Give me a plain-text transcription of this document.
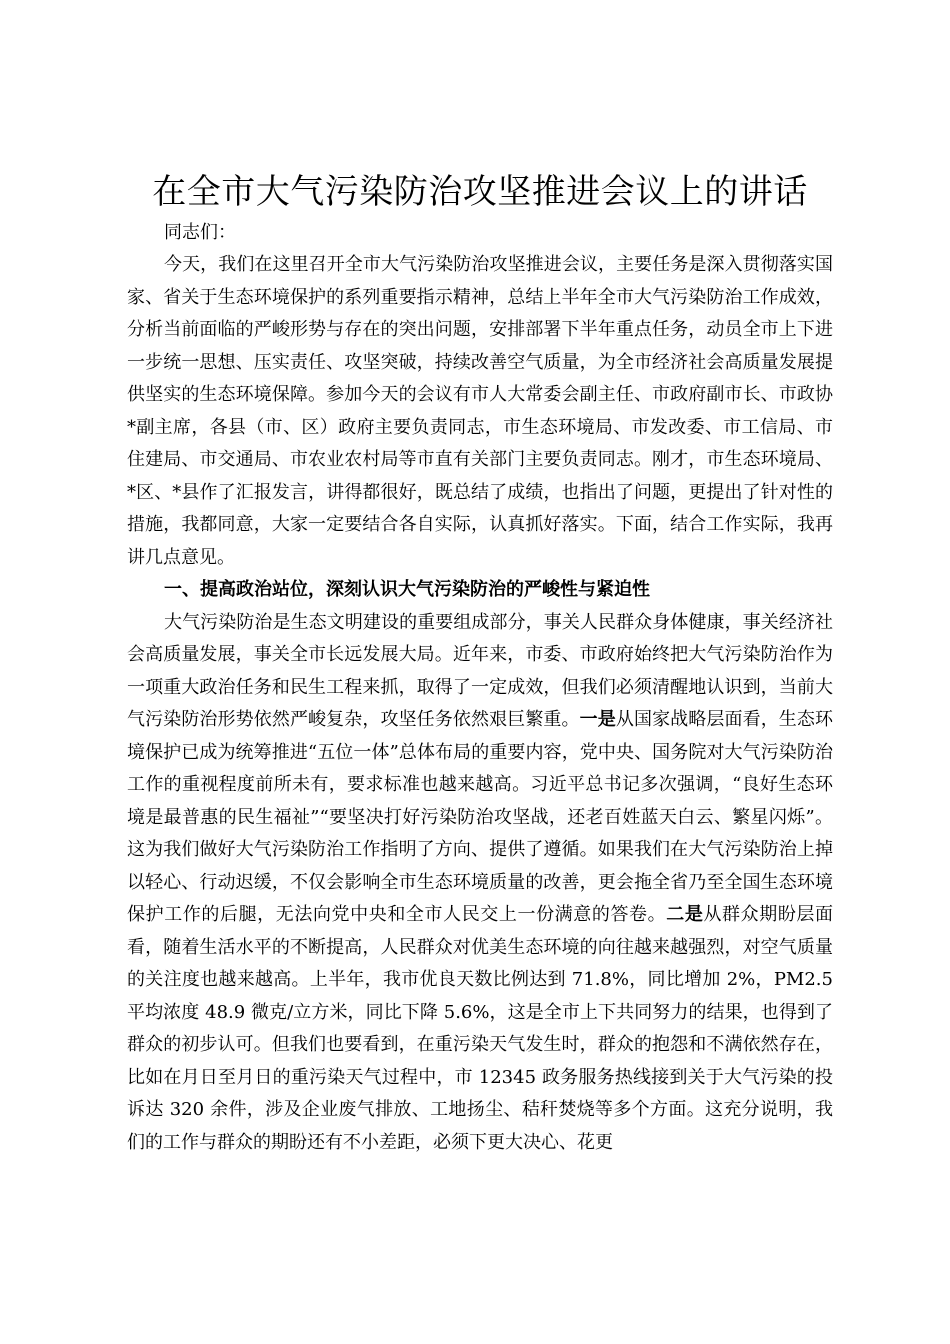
在全市大气污染防治攻坚推进会议上的讲话

同志们：

今天，我们在这里召开全市大气污染防治攻坚推进会议，主要任务是深入贯彻落实国家、省关于生态环境保护的系列重要指示精神，总结上半年全市大气污染防治工作成效，分析当前面临的严峻形势与存在的突出问题，安排部署下半年重点任务，动员全市上下进一步统一思想、压实责任、攻坚突破，持续改善空气质量，为全市经济社会高质量发展提供坚实的生态环境保障。参加今天的会议有市人大常委会副主任、市政府副市长、市政协*副主席，各县（市、区）政府主要负责同志，市生态环境局、市发改委、市工信局、市住建局、市交通局、市农业农村局等市直有关部门主要负责同志。刚才，市生态环境局、*区、*县作了汇报发言，讲得都很好，既总结了成绩，也指出了问题，更提出了针对性的措施，我都同意，大家一定要结合各自实际，认真抓好落实。下面，结合工作实际，我再讲几点意见。

一、提高政治站位，深刻认识大气污染防治的严峻性与紧迫性

大气污染防治是生态文明建设的重要组成部分，事关人民群众身体健康，事关经济社会高质量发展，事关全市长远发展大局。近年来，市委、市政府始终把大气污染防治作为一项重大政治任务和民生工程来抓，取得了一定成效，但我们必须清醒地认识到，当前大气污染防治形势依然严峻复杂，攻坚任务依然艰巨繁重。一是从国家战略层面看，生态环境保护已成为统筹推进“五位一体”总体布局的重要内容，党中央、国务院对大气污染防治工作的重视程度前所未有，要求标准也越来越高。习近平总书记多次强调，“良好生态环境是最普惠的民生福祉”“要坚决打好污染防治攻坚战，还老百姓蓝天白云、繁星闪烁”。这为我们做好大气污染防治工作指明了方向、提供了遵循。如果我们在大气污染防治上掉以轻心、行动迟缓，不仅会影响全市生态环境质量的改善，更会拖全省乃至全国生态环境保护工作的后腿，无法向党中央和全市人民交上一份满意的答卷。二是从群众期盼层面看，随着生活水平的不断提高，人民群众对优美生态环境的向往越来越强烈，对空气质量的关注度也越来越高。上半年，我市优良天数比例达到 71.8%，同比增加 2%，PM2.5 平均浓度 48.9 微克/立方米，同比下降 5.6%，这是全市上下共同努力的结果，也得到了群众的初步认可。但我们也要看到，在重污染天气发生时，群众的抱怨和不满依然存在，比如在月日至月日的重污染天气过程中，市 12345 政务服务热线接到关于大气污染的投诉达 320 余件，涉及企业废气排放、工地扬尘、秸秆焚烧等多个方面。这充分说明，我们的工作与群众的期盼还有不小差距，必须下更大决心、花更
